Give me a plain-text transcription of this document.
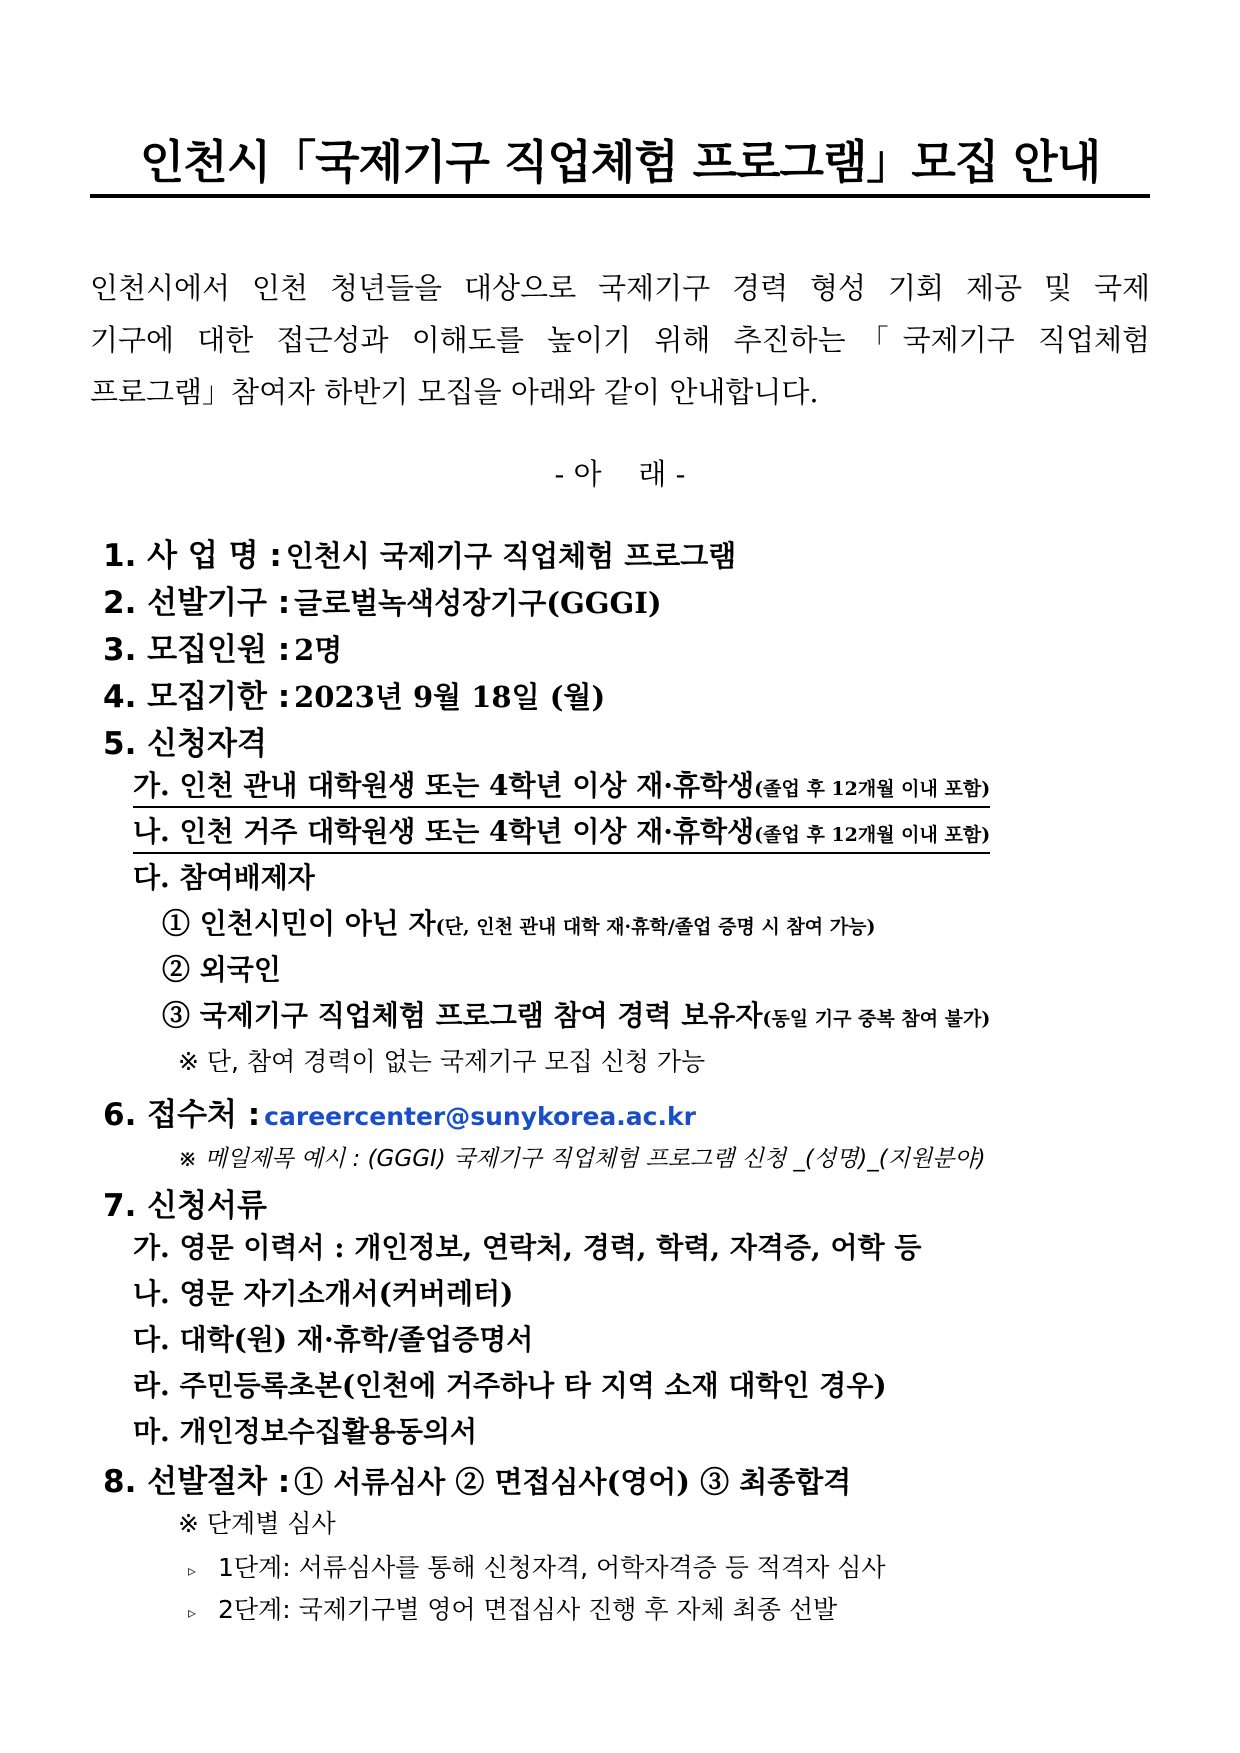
인천시「국제기구 직업체험 프로그램」모집 안내
인천시에서 인천 청년들을 대상으로 국제기구 경력 형성 기회 제공 및 국제
기구에 대한 접근성과 이해도를 높이기 위해 추진하는「국제기구 직업체험
프로그램」참여자 하반기 모집을 아래와 같이 안내합니다.
- 아    래 -
1. 사 업 명 : 인천시 국제기구 직업체험 프로그램
2. 선발기구 : 글로벌녹색성장기구(GGGI)
3. 모집인원 : 2명
4. 모집기한 : 2023년 9월 18일 (월)
5. 신청자격
가. 인천 관내 대학원생 또는 4학년 이상 재·휴학생(졸업 후 12개월 이내 포함)
나. 인천 거주 대학원생 또는 4학년 이상 재·휴학생(졸업 후 12개월 이내 포함)
다. 참여배제자
① 인천시민이 아닌 자(단, 인천 관내 대학 재·휴학/졸업 증명 시 참여 가능)
② 외국인
③ 국제기구 직업체험 프로그램 참여 경력 보유자(동일 기구 중복 참여 불가)
※ 단, 참여 경력이 없는 국제기구 모집 신청 가능
6. 접수처 : careercenter@sunykorea.ac.kr
※ 메일제목 예시 : (GGGI) 국제기구 직업체험 프로그램 신청 _(성명)_(지원분야)
7. 신청서류
가. 영문 이력서 : 개인정보, 연락처, 경력, 학력, 자격증, 어학 등
나. 영문 자기소개서(커버레터)
다. 대학(원) 재·휴학/졸업증명서
라. 주민등록초본(인천에 거주하나 타 지역 소재 대학인 경우)
마. 개인정보수집활용동의서
8. 선발절차 : ① 서류심사 ② 면접심사(영어) ③ 최종합격
※ 단계별 심사
▹ 1단계: 서류심사를 통해 신청자격, 어학자격증 등 적격자 심사
▹ 2단계: 국제기구별 영어 면접심사 진행 후 자체 최종 선발
